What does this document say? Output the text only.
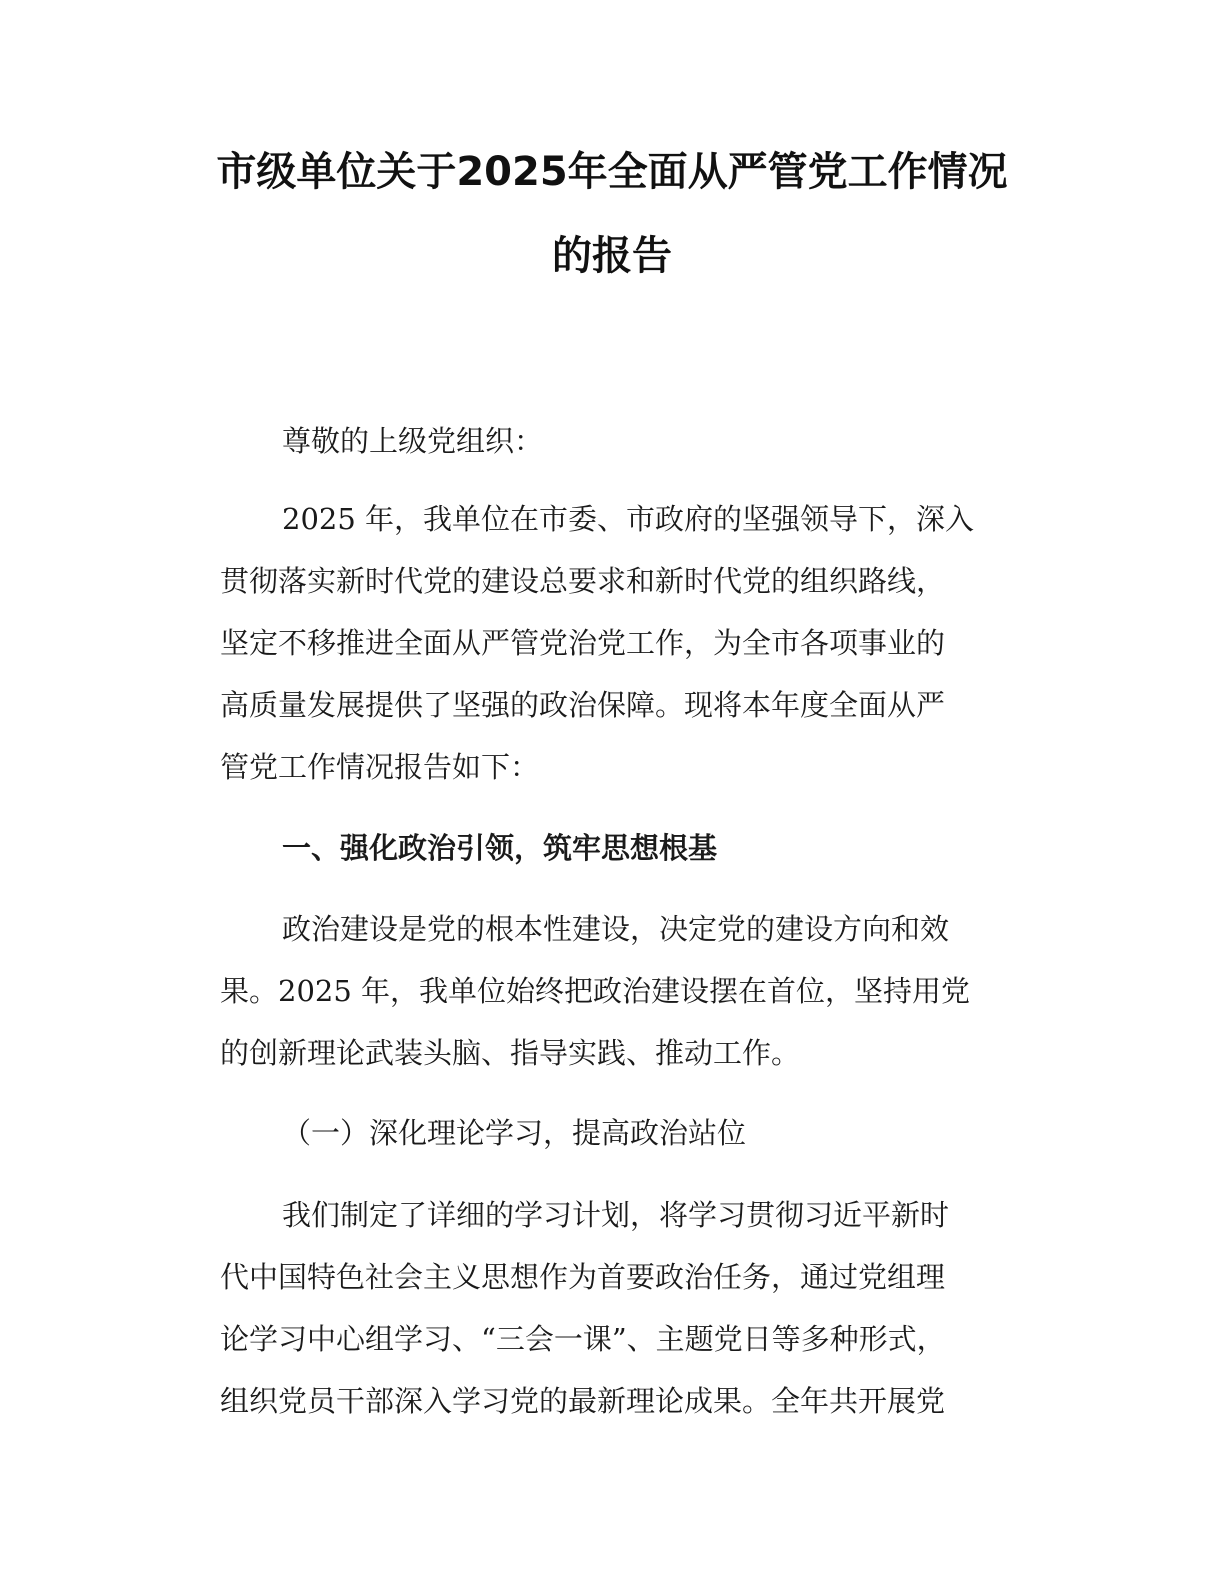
市级单位关于2025年全面从严管党工作情况
的报告
尊敬的上级党组织：
2025 年，我单位在市委、市政府的坚强领导下，深入
贯彻落实新时代党的建设总要求和新时代党的组织路线，
坚定不移推进全面从严管党治党工作，为全市各项事业的
高质量发展提供了坚强的政治保障。现将本年度全面从严
管党工作情况报告如下：
一、强化政治引领，筑牢思想根基
政治建设是党的根本性建设，决定党的建设方向和效
果。2025 年，我单位始终把政治建设摆在首位，坚持用党
的创新理论武装头脑、指导实践、推动工作。
（一）深化理论学习，提高政治站位
我们制定了详细的学习计划，将学习贯彻习近平新时
代中国特色社会主义思想作为首要政治任务，通过党组理
论学习中心组学习、“三会一课”、主题党日等多种形式，
组织党员干部深入学习党的最新理论成果。全年共开展党
